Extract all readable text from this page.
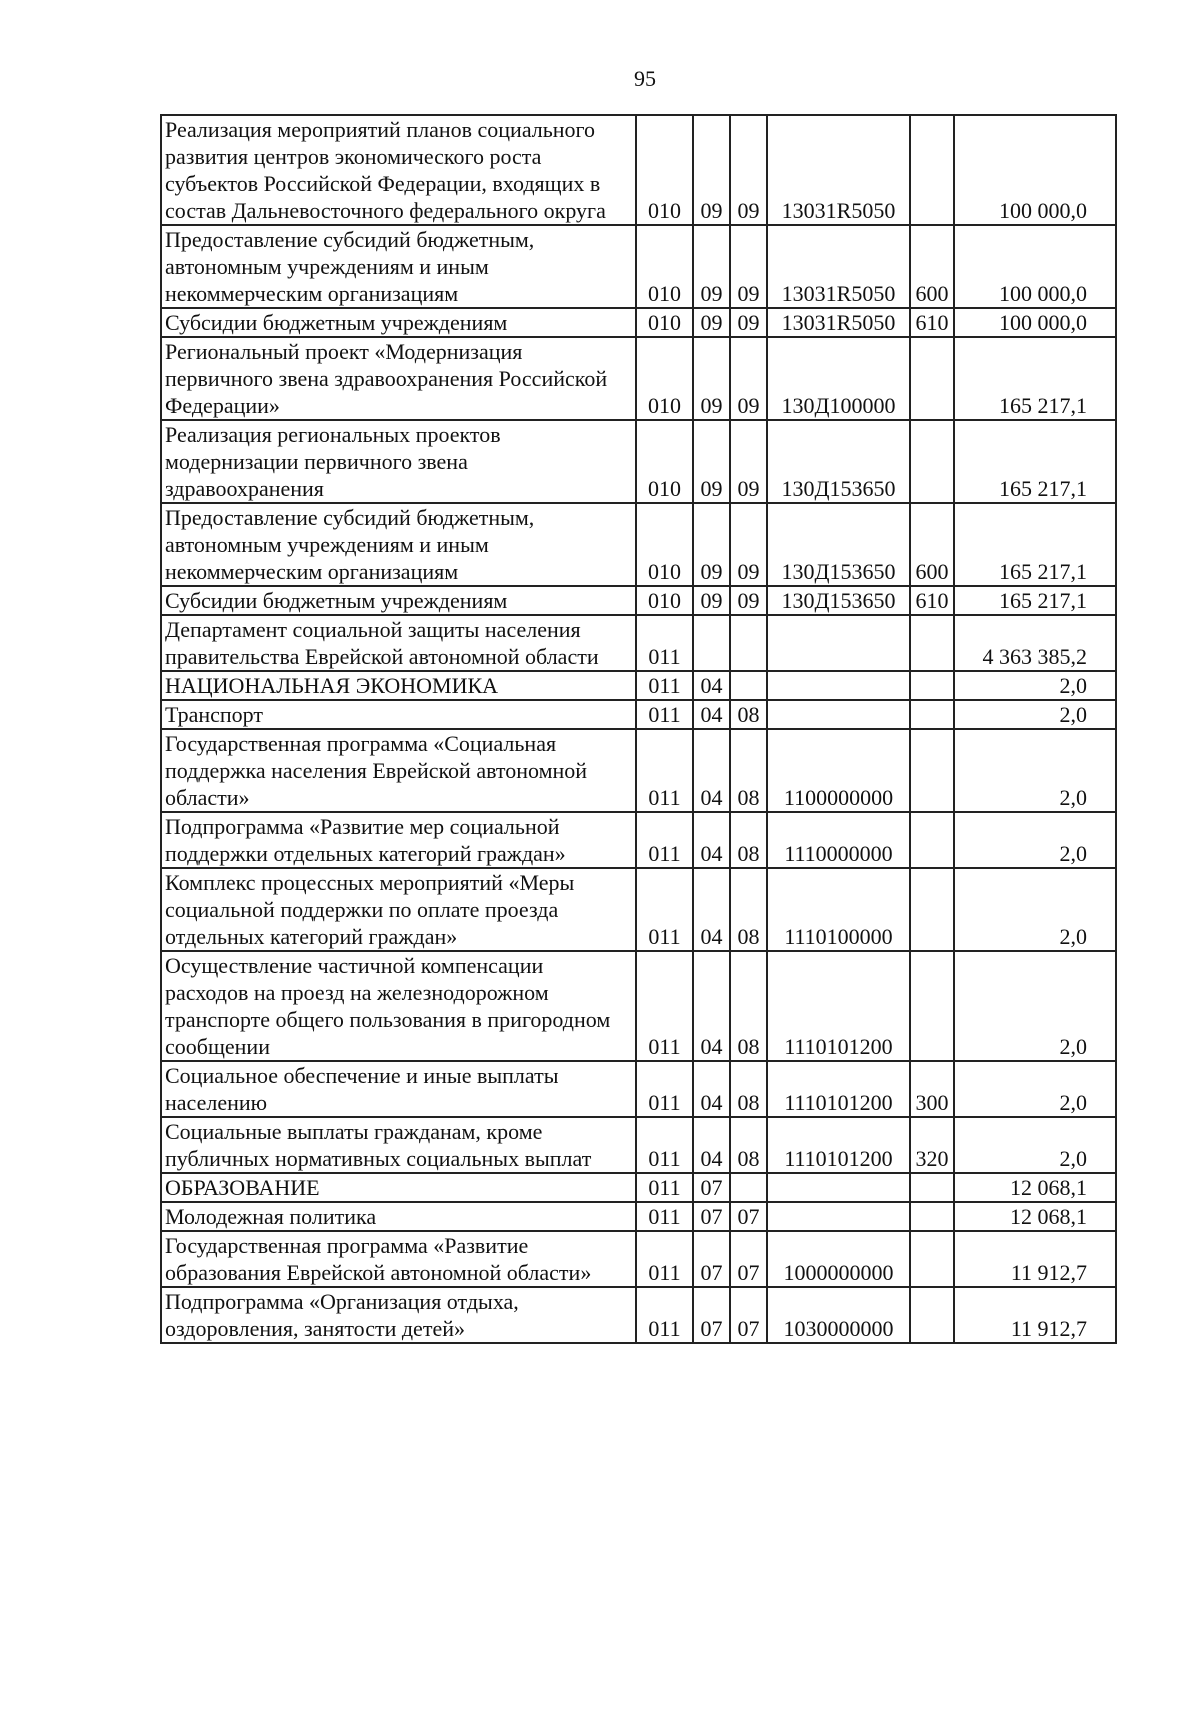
95
Реализация мероприятий планов социального развития центров экономического роста субъектов Российской Федерации, входящих в состав Дальневосточного федерального округа	010	09	09	13031R5050		100 000,0
Предоставление субсидий бюджетным, автономным учреждениям и иным некоммерческим организациям	010	09	09	13031R5050	600	100 000,0
Субсидии бюджетным учреждениям	010	09	09	13031R5050	610	100 000,0
Региональный проект «Модернизация первичного звена здравоохранения Российской Федерации»	010	09	09	130Д100000		165 217,1
Реализация региональных проектов модернизации первичного звена здравоохранения	010	09	09	130Д153650		165 217,1
Предоставление субсидий бюджетным, автономным учреждениям и иным некоммерческим организациям	010	09	09	130Д153650	600	165 217,1
Субсидии бюджетным учреждениям	010	09	09	130Д153650	610	165 217,1
Департамент социальной защиты населения правительства Еврейской автономной области	011					4 363 385,2
НАЦИОНАЛЬНАЯ ЭКОНОМИКА	011	04				2,0
Транспорт	011	04	08			2,0
Государственная программа «Социальная поддержка населения Еврейской автономной области»	011	04	08	1100000000		2,0
Подпрограмма «Развитие мер социальной поддержки отдельных категорий граждан»	011	04	08	1110000000		2,0
Комплекс процессных мероприятий «Меры социальной поддержки по оплате проезда отдельных категорий граждан»	011	04	08	1110100000		2,0
Осуществление частичной компенсации расходов на проезд на железнодорожном транспорте общего пользования в пригородном сообщении	011	04	08	1110101200		2,0
Социальное обеспечение и иные выплаты населению	011	04	08	1110101200	300	2,0
Социальные выплаты гражданам, кроме публичных нормативных социальных выплат	011	04	08	1110101200	320	2,0
ОБРАЗОВАНИЕ	011	07				12 068,1
Молодежная политика	011	07	07			12 068,1
Государственная программа «Развитие образования Еврейской автономной области»	011	07	07	1000000000		11 912,7
Подпрограмма «Организация отдыха, оздоровления, занятости детей»	011	07	07	1030000000		11 912,7
